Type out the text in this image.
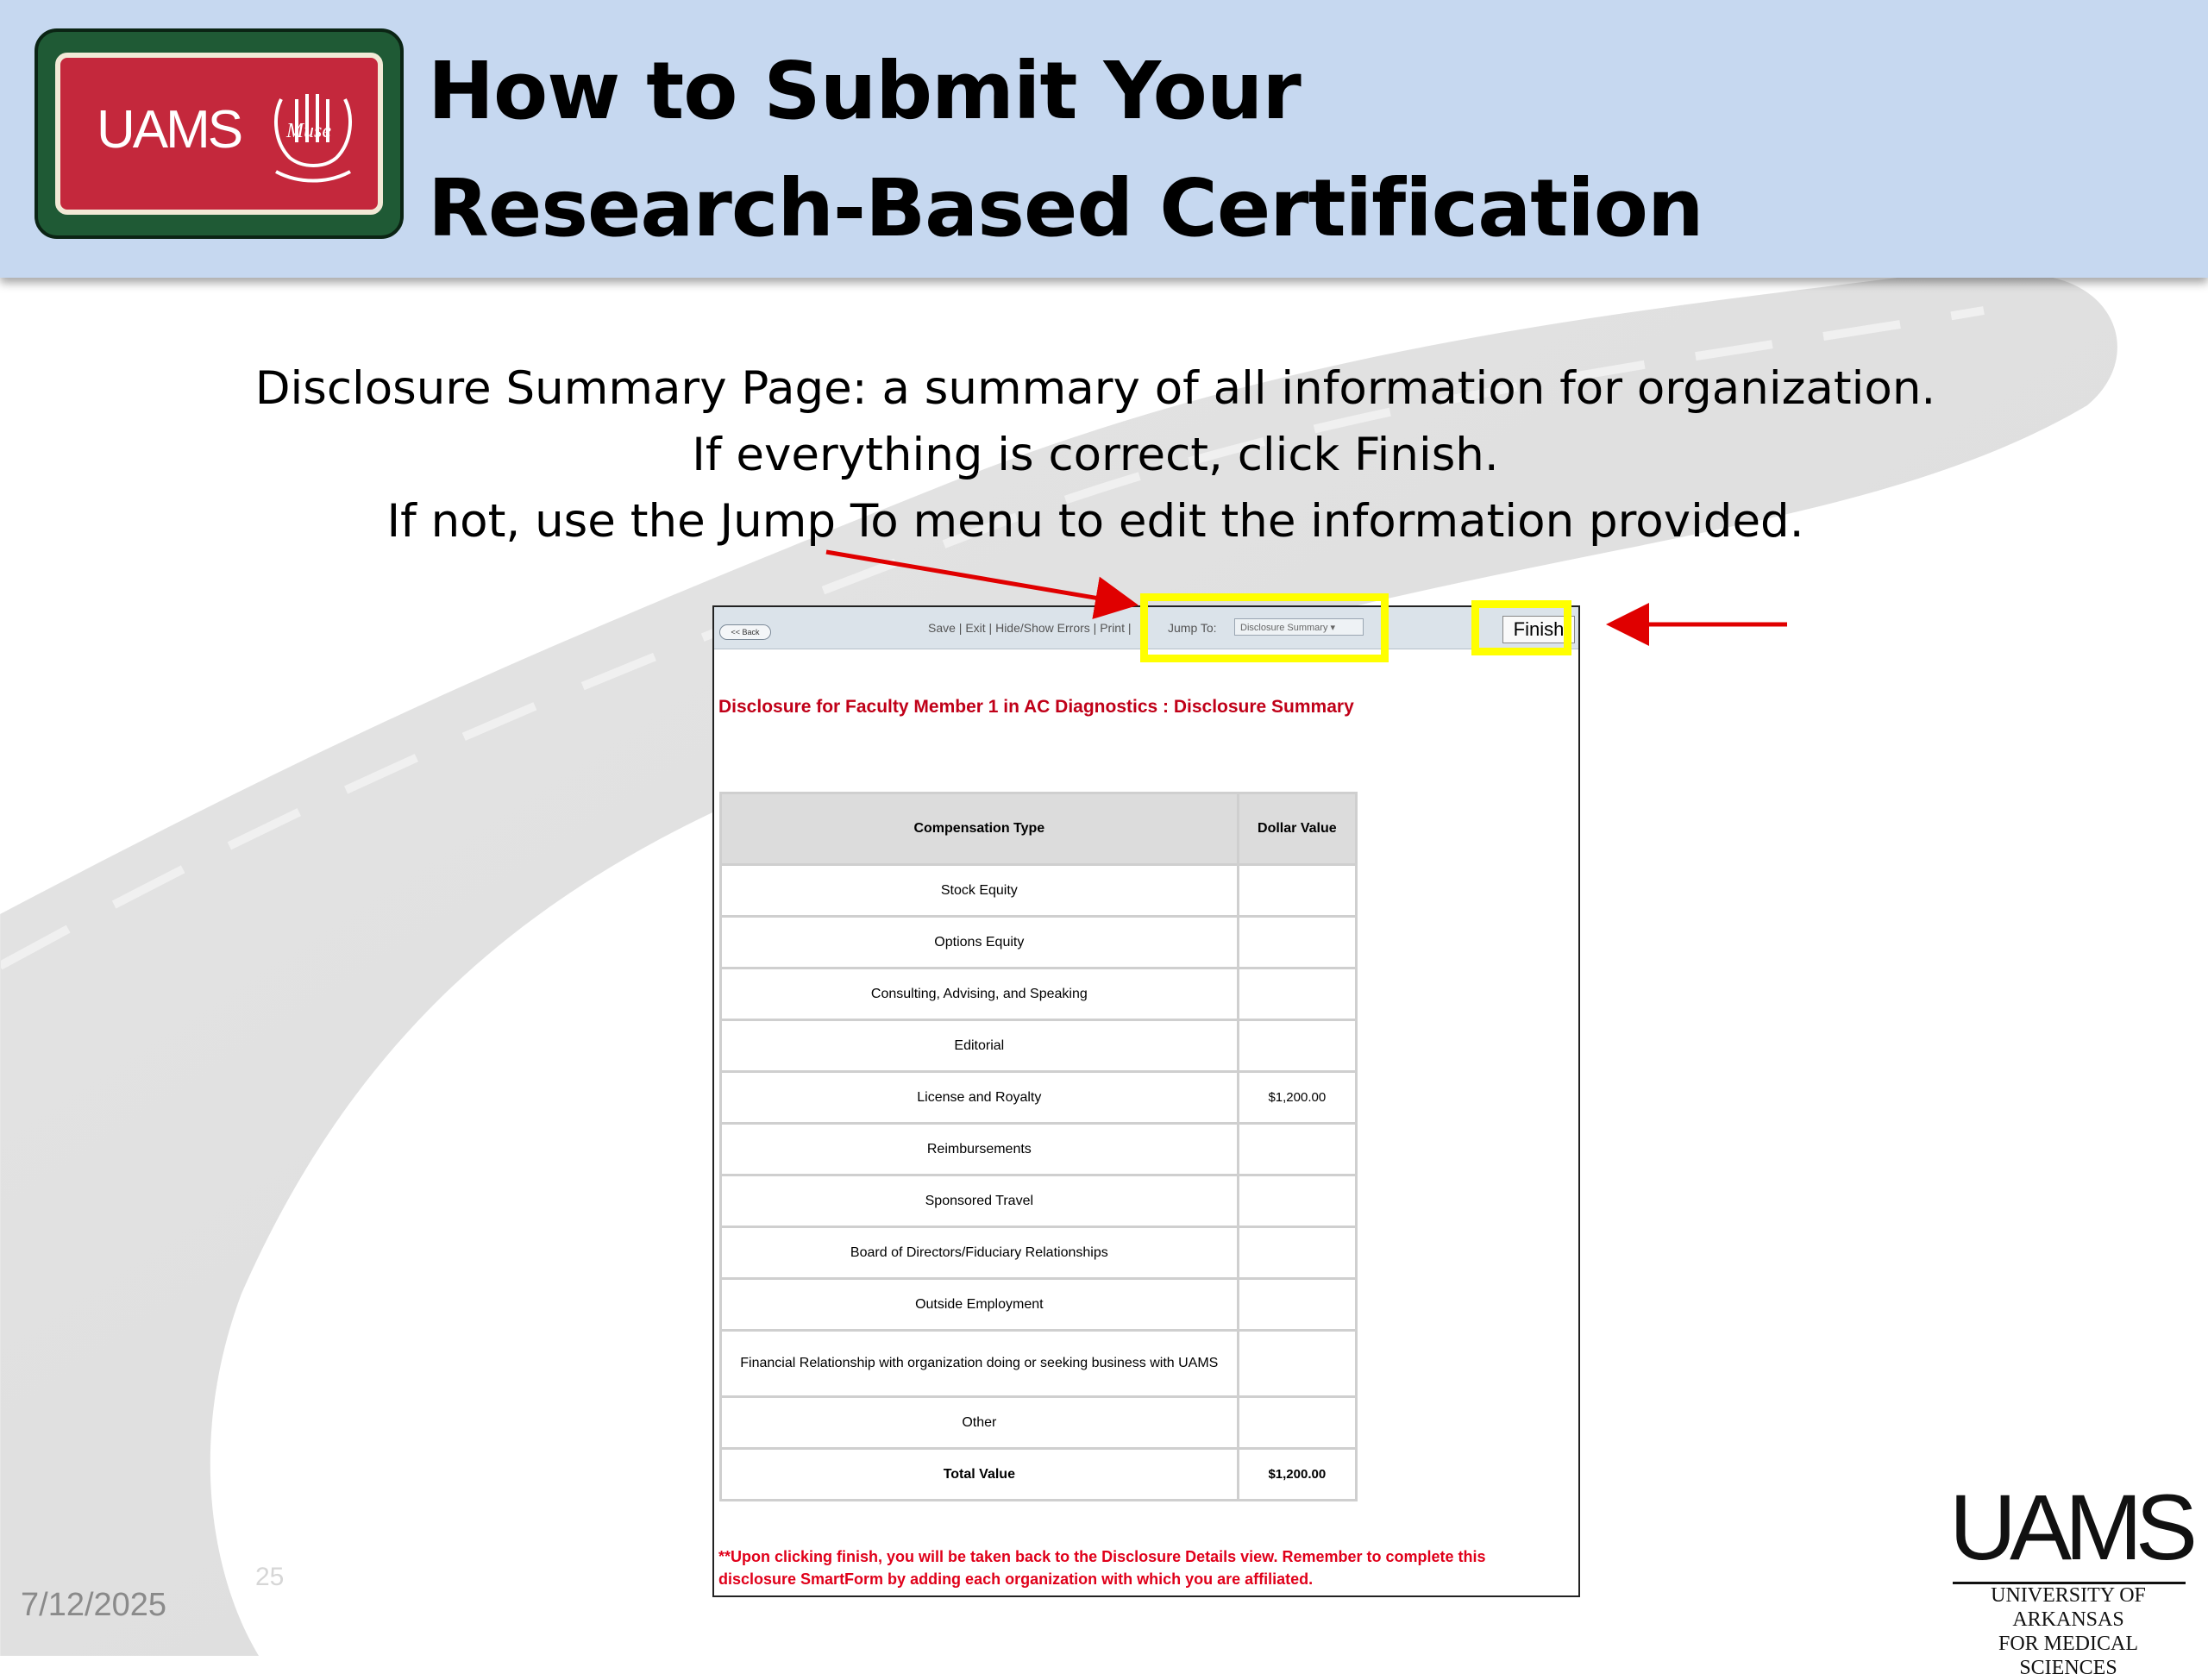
UAMS Muse How to Submit Your
Research-Based Certification
Disclosure Summary Page: a summary of all information for organization.
If everything is correct, click Finish.
If not, use the Jump To menu to edit the information provided.
<< Back	Save | Exit | Hide/Show Errors | Print |	Jump To:	Disclosure Summary ▾	Finish
Disclosure for Faculty Member 1 in AC Diagnostics : Disclosure Summary
Compensation Type	Dollar Value
Stock Equity	
Options Equity	
Consulting, Advising, and Speaking	
Editorial	
License and Royalty	$1,200.00
Reimbursements	
Sponsored Travel	
Board of Directors/Fiduciary Relationships	
Outside Employment	
Financial Relationship with organization doing or seeking business with UAMS	
Other	
Total Value	$1,200.00
**Upon clicking finish, you will be taken back to the Disclosure Details view. Remember to complete this disclosure SmartForm by adding each organization with which you are affiliated.
7/12/2025
25	UAMS
UNIVERSITY OF ARKANSAS
FOR MEDICAL SCIENCES
